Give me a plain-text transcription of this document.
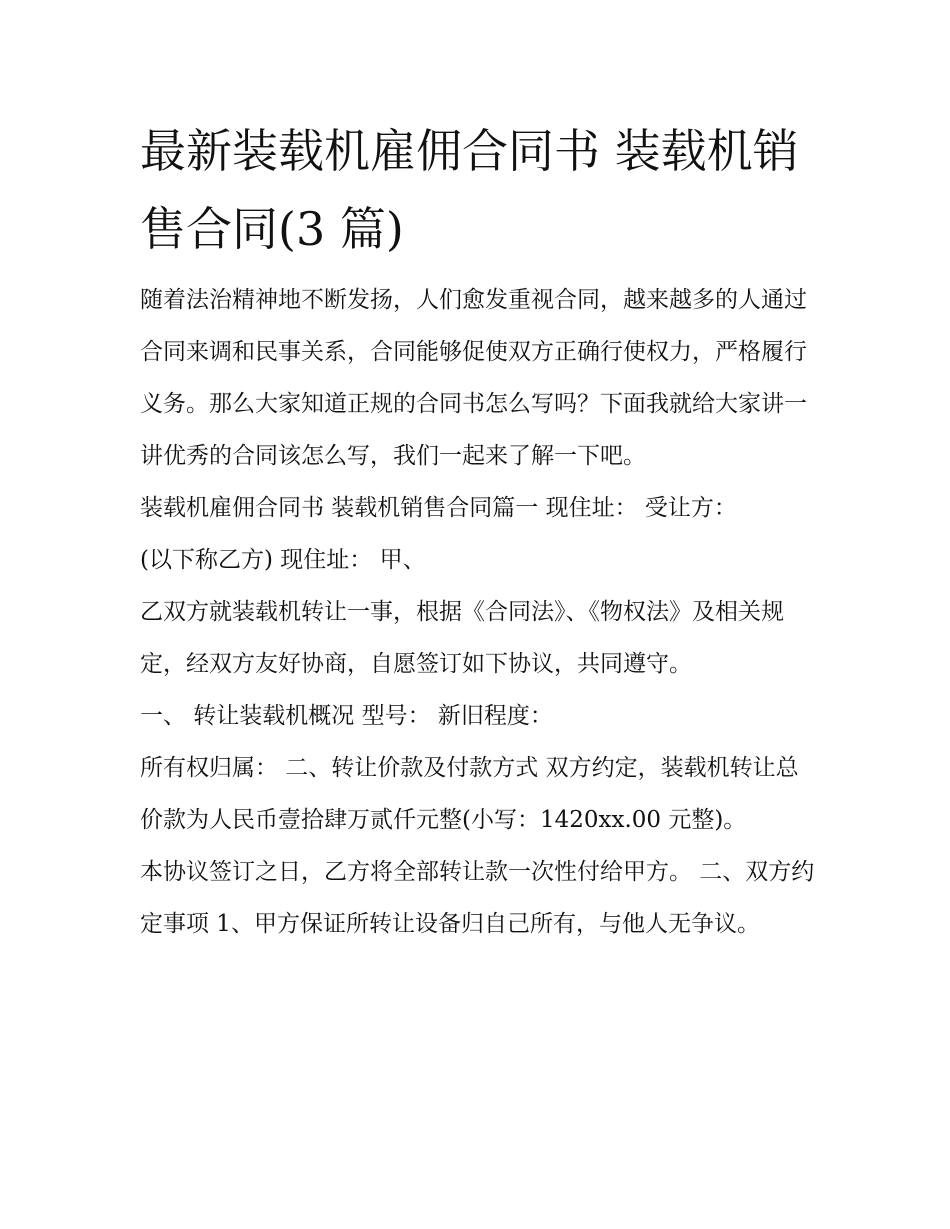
最新装载机雇佣合同书 装载机销售合同(3 篇)

随着法治精神地不断发扬，人们愈发重视合同，越来越多的人通过合同来调和民事关系，合同能够促使双方正确行使权力，严格履行义务。那么大家知道正规的合同书怎么写吗？下面我就给大家讲一讲优秀的合同该怎么写，我们一起来了解一下吧。

装载机雇佣合同书 装载机销售合同篇一 现住址： 受让方：

(以下称乙方) 现住址： 甲、

乙双方就装载机转让一事，根据《合同法》、《物权法》及相关规定，经双方友好协商，自愿签订如下协议，共同遵守。

一、 转让装载机概况 型号： 新旧程度：

所有权归属： 二、转让价款及付款方式 双方约定，装载机转让总价款为人民币壹拾肆万贰仟元整(小写：1420xx.00 元整)。

本协议签订之日，乙方将全部转让款一次性付给甲方。 二、双方约定事项 1、甲方保证所转让设备归自己所有，与他人无争议。
